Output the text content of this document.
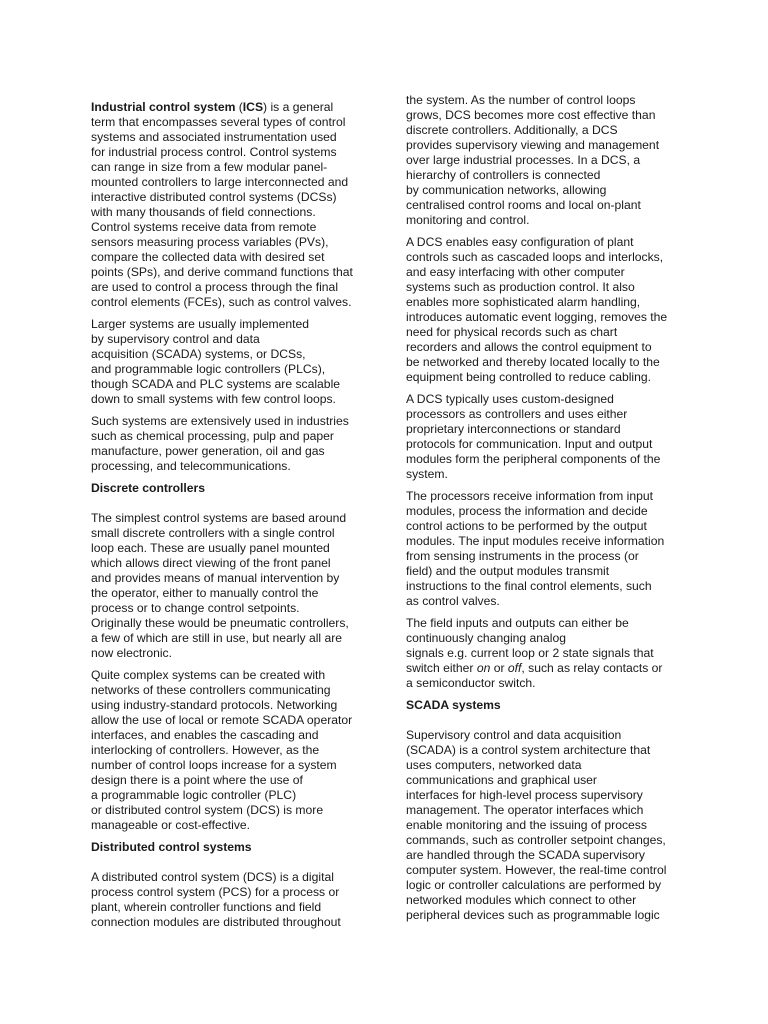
Industrial control system (ICS) is a general
term that encompasses several types of control
systems and associated instrumentation used
for industrial process control. Control systems
can range in size from a few modular panel-
mounted controllers to large interconnected and
interactive distributed control systems (DCSs)
with many thousands of field connections.
Control systems receive data from remote
sensors measuring process variables (PVs),
compare the collected data with desired set
points (SPs), and derive command functions that
are used to control a process through the final
control elements (FCEs), such as control valves.
Larger systems are usually implemented
by supervisory control and data
acquisition (SCADA) systems, or DCSs,
and programmable logic controllers (PLCs),
though SCADA and PLC systems are scalable
down to small systems with few control loops.
Such systems are extensively used in industries
such as chemical processing, pulp and paper
manufacture, power generation, oil and gas
processing, and telecommunications.
Discrete controllers
The simplest control systems are based around
small discrete controllers with a single control
loop each. These are usually panel mounted
which allows direct viewing of the front panel
and provides means of manual intervention by
the operator, either to manually control the
process or to change control setpoints.
Originally these would be pneumatic controllers,
a few of which are still in use, but nearly all are
now electronic.
Quite complex systems can be created with
networks of these controllers communicating
using industry-standard protocols. Networking
allow the use of local or remote SCADA operator
interfaces, and enables the cascading and
interlocking of controllers. However, as the
number of control loops increase for a system
design there is a point where the use of
a programmable logic controller (PLC)
or distributed control system (DCS) is more
manageable or cost-effective.
Distributed control systems
A distributed control system (DCS) is a digital
process control system (PCS) for a process or
plant, wherein controller functions and field
connection modules are distributed throughout
the system. As the number of control loops
grows, DCS becomes more cost effective than
discrete controllers. Additionally, a DCS
provides supervisory viewing and management
over large industrial processes. In a DCS, a
hierarchy of controllers is connected
by communication networks, allowing
centralised control rooms and local on-plant
monitoring and control.
A DCS enables easy configuration of plant
controls such as cascaded loops and interlocks,
and easy interfacing with other computer
systems such as production control. It also
enables more sophisticated alarm handling,
introduces automatic event logging, removes the
need for physical records such as chart
recorders and allows the control equipment to
be networked and thereby located locally to the
equipment being controlled to reduce cabling.
A DCS typically uses custom-designed
processors as controllers and uses either
proprietary interconnections or standard
protocols for communication. Input and output
modules form the peripheral components of the
system.
The processors receive information from input
modules, process the information and decide
control actions to be performed by the output
modules. The input modules receive information
from sensing instruments in the process (or
field) and the output modules transmit
instructions to the final control elements, such
as control valves.
The field inputs and outputs can either be
continuously changing analog
signals e.g. current loop or 2 state signals that
switch either on or off, such as relay contacts or
a semiconductor switch.
SCADA systems
Supervisory control and data acquisition
(SCADA) is a control system architecture that
uses computers, networked data
communications and graphical user
interfaces for high-level process supervisory
management. The operator interfaces which
enable monitoring and the issuing of process
commands, such as controller setpoint changes,
are handled through the SCADA supervisory
computer system. However, the real-time control
logic or controller calculations are performed by
networked modules which connect to other
peripheral devices such as programmable logic
